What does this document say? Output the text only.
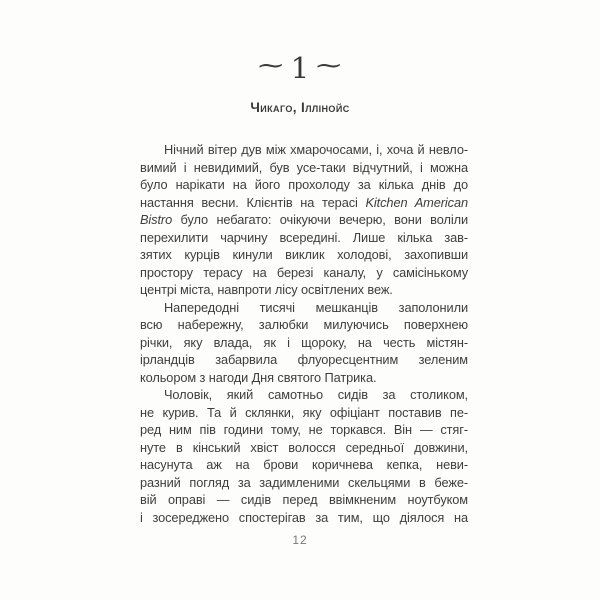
~ 1 ~
Чикаго, Іллінойс
Нічний вітер дув між хмарочосами, і, хоча й невло-
вимий і невидимий, був усе-таки відчутний, і можна
було нарікати на його прохолоду за кілька днів до
настання весни. Клієнтів на терасі Kitchen American
Bistro було небагато: очікуючи вечерю, вони воліли
перехилити чарчину всередині. Лише кілька зав-
зятих курців кинули виклик холодові, захопивши
простору терасу на березі каналу, у самісінькому
центрі міста, навпроти лісу освітлених веж.
Напередодні тисячі мешканців заполонили
всю набережну, залюбки милуючись поверхнею
річки, яку влада, як і щороку, на честь містян-
ірландців забарвила флуоресцентним зеленим
кольором з нагоди Дня святого Патрика.
Чоловік, який самотньо сидів за столиком,
не курив. Та й склянки, яку офіціант поставив пе-
ред ним пів години тому, не торкався. Він — стяг-
нуте в кінський хвіст волосся середньої довжини,
насунута аж на брови коричнева кепка, неви-
разний погляд за задимленими скельцями в беже-
вій оправі — сидів перед ввімкненим ноутбуком
і зосереджено спостерігав за тим, що діялося на
12
